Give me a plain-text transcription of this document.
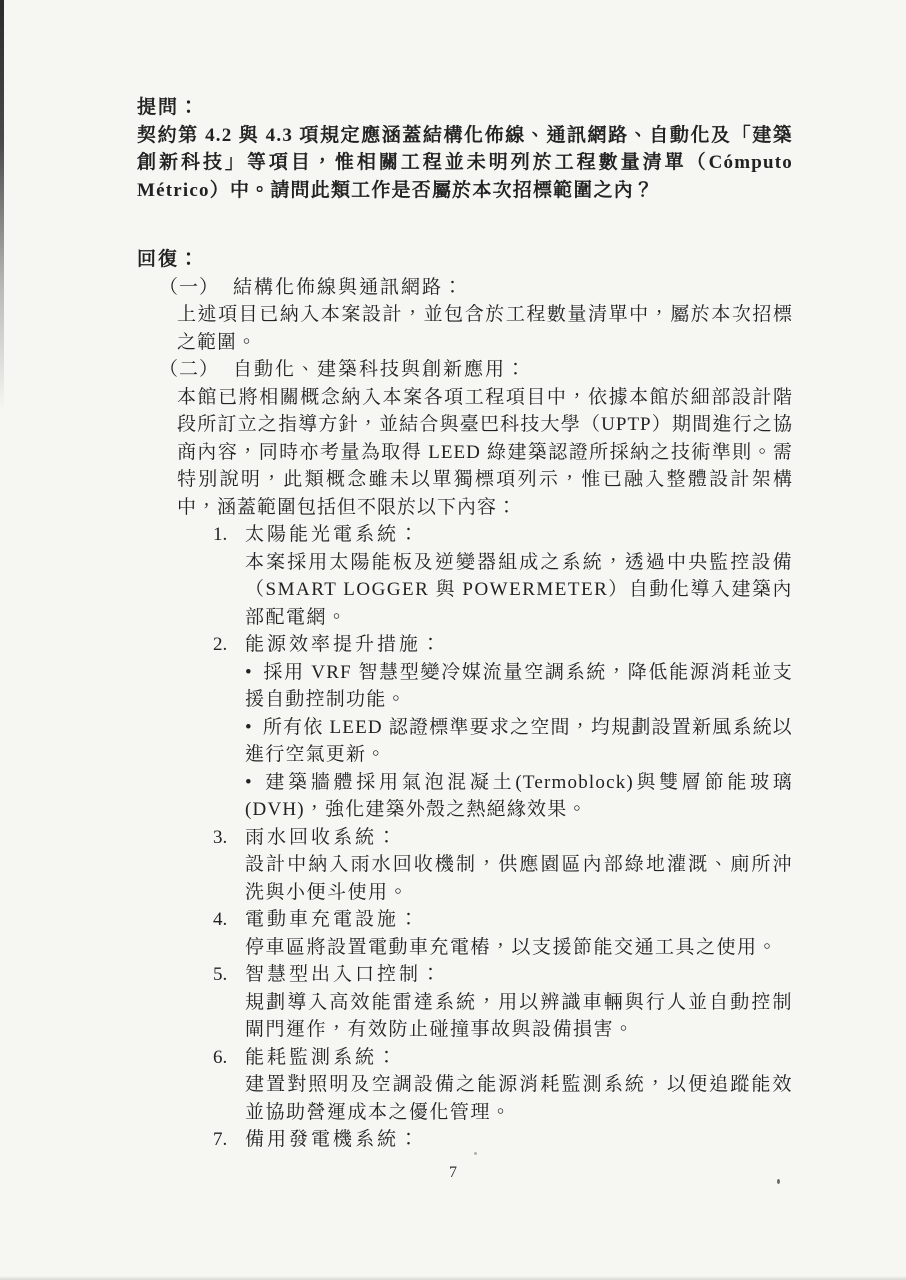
提問：

契約第 4.2 與 4.3 項規定應涵蓋結構化佈線、通訊網路、自動化及「建築創新科技」等項目，惟相關工程並未明列於工程數量清單（Cómputo Métrico）中。請問此類工作是否屬於本次招標範圍之內？

回復：

（一） 結構化佈線與通訊網路：

上述項目已納入本案設計，並包含於工程數量清單中，屬於本次招標之範圍。

（二） 自動化、建築科技與創新應用：

本館已將相關概念納入本案各項工程項目中，依據本館於細部設計階段所訂立之指導方針，並結合與臺巴科技大學（UPTP）期間進行之協商內容，同時亦考量為取得 LEED 綠建築認證所採納之技術準則。需特別說明，此類概念雖未以單獨標項列示，惟已融入整體設計架構中，涵蓋範圍包括但不限於以下內容：

1. 太陽能光電系統：

本案採用太陽能板及逆變器組成之系統，透過中央監控設備（SMART LOGGER 與 POWERMETER）自動化導入建築內部配電網。

2. 能源效率提升措施：

• 採用 VRF 智慧型變冷媒流量空調系統，降低能源消耗並支援自動控制功能。

• 所有依 LEED 認證標準要求之空間，均規劃設置新風系統以進行空氣更新。

• 建築牆體採用氣泡混凝土(Termoblock)與雙層節能玻璃(DVH)，強化建築外殼之熱絕緣效果。

3. 雨水回收系統：

設計中納入雨水回收機制，供應園區內部綠地灌溉、廁所沖洗與小便斗使用。

4. 電動車充電設施：

停車區將設置電動車充電樁，以支援節能交通工具之使用。

5. 智慧型出入口控制：

規劃導入高效能雷達系統，用以辨識車輛與行人並自動控制閘門運作，有效防止碰撞事故與設備損害。

6. 能耗監測系統：

建置對照明及空調設備之能源消耗監測系統，以便追蹤能效並協助營運成本之優化管理。

7. 備用發電機系統：
7
